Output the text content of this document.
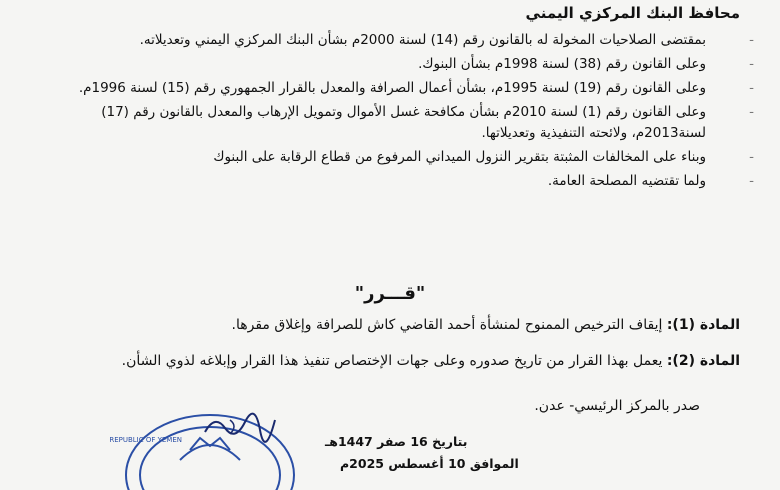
محافظ البنك المركزي اليمني
-
بمقتضى الصلاحيات المخولة له بالقانون رقم (14) لسنة 2000م بشأن البنك المركزي اليمني وتعديلاته.
-
وعلى القانون رقم (38) لسنة 1998م بشأن البنوك.
-
وعلى القانون رقم (19) لسنة 1995م، بشأن أعمال الصرافة والمعدل بالقرار الجمهوري رقم (15) لسنة 1996م.
-
وعلى القانون رقم (1) لسنة 2010م بشأن مكافحة غسل الأموال وتمويل الإرهاب والمعدل بالقانون رقم (17) لسنة2013م، ولائحته التنفيذية وتعديلاتها.
-
وبناء على المخالفات المثبتة بتقرير النزول الميداني المرفوع من قطاع الرقابة على البنوك
-
ولما تقتضيه المصلحة العامة.
"قـــرر"
المادة (1): إيقاف الترخيص الممنوح لمنشأة أحمد القاضي كاش للصرافة وإغلاق مقرها.
المادة (2): يعمل بهذا القرار من تاريخ صدوره وعلى جهات الإختصاص تنفيذ هذا القرار وإبلاغه لذوي الشأن.
صدر بالمركز الرئيسي- عدن.
بتاريخ 16 صفر 1447هـ
الموافق 10 أغسطس 2025م
REPUBLIC OF YEMEN
